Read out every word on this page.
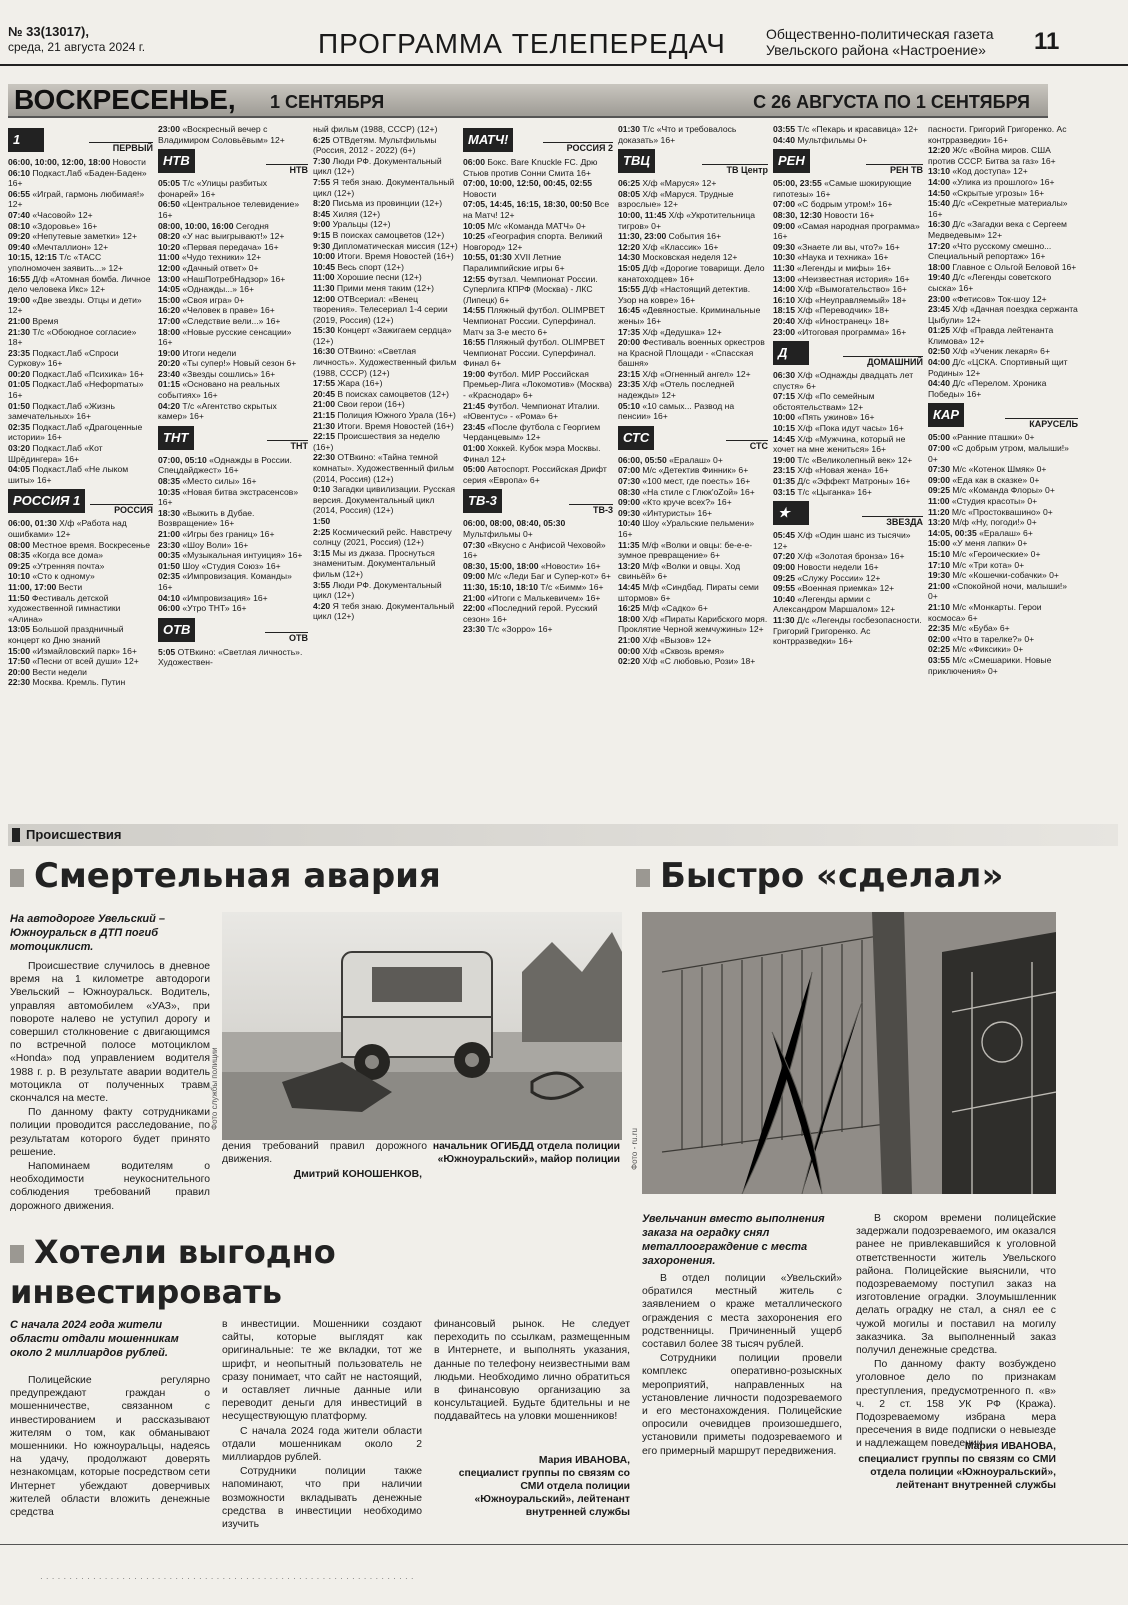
№ 33(13017),
среда, 21 августа 2024 г.	ПРОГРАММА ТЕЛЕПЕРЕДАЧ	Общественно-политическая газета
Увельского района «Настроение» 11
ВОСКРЕСЕНЬЕ, 1 СЕНТЯБРЯ	С 26 АВГУСТА ПО 1 СЕНТЯБРЯ
1
ПЕРВЫЙ
06:00, 10:00, 12:00, 18:00 Новости
06:10 Подкаст.Лаб «Баден-Баден» 16+
06:55 «Играй, гармонь любимая!» 12+
07:40 «Часовой» 12+
08:10 «Здоровье» 16+
09:20 «Непутевые заметки» 12+
09:40 «Мечталлион» 12+
10:15, 12:15 Т/с «ТАСС уполномочен заявить...» 12+
16:55 Д/ф «Атомная бомба. Личное дело человека Икс» 12+
19:00 «Две звезды. Отцы и дети» 12+
21:00 Время
21:30 Т/с «Обоюдное согласие» 18+
23:35 Подкаст.Лаб «Спроси Суркову» 16+
00:20 Подкаст.Лаб «Психика» 16+
01:05 Подкаст.Лаб «Нефорmaты» 16+
01:50 Подкаст.Лаб «Жизнь замечательных» 16+
02:35 Подкаст.Лаб «Драгоценные истории» 16+
03:20 Подкаст.Лаб «Кот Шрёдингера» 16+
04:05 Подкаст.Лаб «Не лыком шиты» 16+
РОССИЯ 1
РОССИЯ
06:00, 01:30 Х/ф «Работа над ошибками» 12+
08:00 Местное время. Воскресенье
08:35 «Когда все дома»
09:25 «Утренняя почта»
10:10 «Сто к одному»
11:00, 17:00 Вести
11:50 Фестиваль детской художественной гимнастики «Алина»
13:05 Большой праздничный концерт ко Дню знаний
15:00 «Измайловский парк» 16+
17:50 «Песни от всей души» 12+
20:00 Вести недели
22:30 Москва. Кремль. Путин
23:00 «Воскресный вечер с Владимиром Соловьёвым» 12+
НТВ
НТВ
05:05 Т/с «Улицы разбитых фонарей» 16+
06:50 «Центральное телевидение» 16+
08:00, 10:00, 16:00 Сегодня
08:20 «У нас выигрывают!» 12+
10:20 «Первая передача» 16+
11:00 «Чудо техники» 12+
12:00 «Дачный ответ» 0+
13:00 «НашПотребНадзор» 16+
14:05 «Однажды...» 16+
15:00 «Своя игра» 0+
16:20 «Человек в праве» 16+
17:00 «Следствие вели...» 16+
18:00 «Новые русские сенсации» 16+
19:00 Итоги недели
20:20 «Ты супер!» Новый сезон 6+
23:40 «Звезды сошлись» 16+
01:15 «Основано на реальных событиях» 16+
04:20 Т/с «Агентство скрытых камер» 16+
ТНТ
ТНТ
07:00, 05:10 «Однажды в России. Спецдайджест» 16+
08:35 «Место силы» 16+
10:35 «Новая битва экстрасенсов» 16+
18:30 «Выжить в Дубае. Возвращение» 16+
21:00 «Игры без границ» 16+
23:30 «Шоу Воли» 16+
00:35 «Музыкальная интуиция» 16+
01:50 Шоу «Студия Союз» 16+
02:35 «Импровизация. Команды» 16+
04:10 «Импровизация» 16+
06:00 «Утро ТНТ» 16+
ОТВ
ОТВ
5:05 ОТВкино: «Светлая личность». Художествен-
ный фильм (1988, СССР) (12+)
6:25 ОТВдетям. Мультфильмы (Россия, 2012 - 2022) (6+)
7:30 Люди РФ. Документальный цикл (12+)
7:55 Я тебя знаю. Документальный цикл (12+)
8:20 Письма из провинции (12+)
8:45 Хиляя (12+)
9:00 Уральцы (12+)
9:15 В поисках самоцветов (12+)
9:30 Дипломатическая миссия (12+)
10:00 Итоги. Время Новостей (16+)
10:45 Весь спорт (12+)
11:00 Хорошие песни (12+)
11:30 Прими меня таким (12+)
12:00 ОТВсериал: «Венец творения». Телесериал 1-4 серии (2019, Россия) (12+)
15:30 Концерт «Зажигаем сердца» (12+)
16:30 ОТВкино: «Светлая личность». Художественный фильм (1988, СССР) (12+)
17:55 Жара (16+)
20:45 В поисках самоцветов (12+)
21:00 Свои герои (16+)
21:15 Полиция Южного Урала (16+)
21:30 Итоги. Время Новостей (16+)
22:15 Происшествия за неделю (16+)
22:30 ОТВкино: «Тайна темной комнаты». Художественный фильм (2014, Россия) (12+)
0:10 Загадки цивилизации. Русская версия. Документальный цикл (2014, Россия) (12+)
1:50
2:25 Космический рейс. Навстречу солнцу (2021, Россия) (12+)
3:15 Мы из джаза. Проснуться знаменитым. Документальный фильм (12+)
3:55 Люди РФ. Документальный цикл (12+)
4:20 Я тебя знаю. Документальный цикл (12+)
МАТЧ!
РОССИЯ 2
06:00 Бокс. Bare Knuckle FC. Дрю Стьюв против Сонни Смита 16+
07:00, 10:00, 12:50, 00:45, 02:55 Новости
07:05, 14:45, 16:15, 18:30, 00:50 Все на Матч! 12+
10:05 М/с «Команда МАТЧ» 0+
10:25 «География спорта. Великий Новгород» 12+
10:55, 01:30 XVII Летние Паралимпийские игры 6+
12:55 Футзал. Чемпионат России. Суперлига КПРФ (Москва) - ЛКС (Липецк) 6+
14:55 Пляжный футбол. OLIMPBET Чемпионат России. Суперфинал. Матч за 3-е место 6+
16:55 Пляжный футбол. OLIMPBET Чемпионат России. Суперфинал. Финал 6+
19:00 Футбол. МИР Российская Премьер-Лига «Локомотив» (Москва) - «Краснодар» 6+
21:45 Футбол. Чемпионат Италии. «Ювентус» - «Рома» 6+
23:45 «После футбола с Георгием Черданцевым» 12+
01:00 Хоккей. Кубок мэра Москвы. Финал 12+
05:00 Автоспорт. Российская Дрифт серия «Европа» 6+
ТВ-3
ТВ-3
06:00, 08:00, 08:40, 05:30 Мультфильмы 0+
07:30 «Вкусно с Анфисой Чеховой» 16+
08:30, 15:00, 18:00 «Новости» 16+
09:00 М/с «Леди Баг и Супер-кот» 6+
11:30, 15:10, 18:10 Т/с «Бимм» 16+
21:00 «Итоги с Малькевичем» 16+
22:00 «Последний герой. Русский сезон» 16+
23:30 Т/с «Зорро» 16+
01:30 Т/с «Что и требовалось доказать» 16+
ТВЦ
ТВ Центр
06:25 Х/ф «Маруся» 12+
08:05 Х/ф «Маруся. Трудные взрослые» 12+
10:00, 11:45 Х/ф «Укротительница тигров» 0+
11:30, 23:00 События 16+
12:20 Х/ф «Классик» 16+
14:30 Московская неделя 12+
15:05 Д/ф «Дорогие товарищи. Дело канатоходцев» 16+
15:55 Д/ф «Настоящий детектив. Узор на ковре» 16+
16:45 «Девяностые. Криминальные жены» 16+
17:35 Х/ф «Дедушка» 12+
20:00 Фестиваль военных оркестров на Красной Площади - «Спасская башня»
23:15 Х/ф «Огненный ангел» 12+
23:35 Х/ф «Отель последней надежды» 12+
05:10 «10 самых... Развод на пенсии» 16+
СТС
СТС
06:00, 05:50 «Ералаш» 0+
07:00 М/с «Детектив Финник» 6+
07:30 «100 мест, где поесть» 16+
08:30 «На стиле с Глюк'oZой» 16+
09:00 «Кто круче всех?» 16+
09:30 «Интуристы» 16+
10:40 Шоу «Уральские пельмени» 16+
11:35 М/ф «Волки и овцы: бе-е-е-зумное превращение» 6+
13:20 М/ф «Волки и овцы. Ход свиньёй» 6+
14:45 М/ф «Синдбад. Пираты семи штормов» 6+
16:25 М/ф «Садко» 6+
18:00 Х/ф «Пираты Карибского моря. Проклятие Черной жемчужины» 12+
21:00 Х/ф «Вызов» 12+
00:00 Х/ф «Сквозь время»
02:20 Х/ф «С любовью, Рози» 18+
03:55 Т/с «Пекарь и красавица» 12+
04:40 Мультфильмы 0+
РЕН
РЕН ТВ
05:00, 23:55 «Самые шокирующие гипотезы» 16+
07:00 «С бодрым утром!» 16+
08:30, 12:30 Новости 16+
09:00 «Самая народная программа» 16+
09:30 «Знаете ли вы, что?» 16+
10:30 «Наука и техника» 16+
11:30 «Легенды и мифы» 16+
13:00 «Неизвестная история» 16+
14:00 Х/ф «Вымогательство» 16+
16:10 Х/ф «Неуправляемый» 18+
18:15 Х/ф «Переводчик» 18+
20:40 Х/ф «Иностранец» 18+
23:00 «Итоговая программа» 16+
Д
ДОМАШНИЙ
06:30 Х/ф «Однажды двадцать лет спустя» 6+
07:15 Х/ф «По семейным обстоятельствам» 12+
10:00 «Пять ужинов» 16+
10:15 Х/ф «Пока идут часы» 16+
14:45 Х/ф «Мужчина, который не хочет на мне жениться» 16+
19:00 Т/с «Великолепный век» 12+
23:15 Х/ф «Новая жена» 16+
01:35 Д/с «Эффект Матроны» 16+
03:15 Т/с «Цыганка» 16+
★
ЗВЕЗДА
05:45 Х/ф «Один шанс из тысячи» 12+
07:20 Х/ф «Золотая бронза» 16+
09:00 Новости недели 16+
09:25 «Служу России» 12+
09:55 «Военная приемка» 12+
10:40 «Легенды армии с Александром Маршалом» 12+
11:30 Д/с «Легенды госбезопасности. Григорий Григоренко. Ас контрразведки» 16+
пасности. Григорий Григоренко. Ас контрразведки» 16+
12:20 Ж/с «Война миров. США против СССР. Битва за газ» 16+
13:10 «Код доступа» 12+
14:00 «Улика из прошлого» 16+
14:50 «Скрытые угрозы» 16+
15:40 Д/с «Секретные материалы» 16+
16:30 Д/с «Загадки века с Сергеем Медведевым» 12+
17:20 «Что русскому смешно... Специальный репортаж» 16+
18:00 Главное с Ольгой Беловой 16+
19:40 Д/с «Легенды советского сыска» 16+
23:00 «Фетисов» Ток-шоу 12+
23:45 Х/ф «Дачная поездка сержанта Цыбули» 12+
01:25 Х/ф «Правда лейтенанта Климова» 12+
02:50 Х/ф «Ученик лекаря» 6+
04:00 Д/с «ЦСКА. Спортивный щит Родины» 12+
04:40 Д/с «Перелом. Хроника Победы» 16+
КАР
КАРУСЕЛЬ
05:00 «Ранние пташки» 0+
07:00 «С добрым утром, малыши!» 0+
07:30 М/с «Котенок Шмяк» 0+
09:00 «Еда как в сказке» 0+
09:25 М/с «Команда Флоры» 0+
11:00 «Студия красоты» 0+
11:20 М/с «Простоквашино» 0+
13:20 М/ф «Ну, погоди!» 0+
14:05, 00:35 «Ералаш» 6+
15:00 «У меня лапки» 0+
15:10 М/с «Героические» 0+
17:10 М/с «Три кота» 0+
19:30 М/с «Кошечки-собачки» 0+
21:00 «Спокойной ночи, малыши!» 0+
21:10 М/с «Монкарты. Герои космоса» 6+
22:35 М/с «Буба» 6+
02:00 «Что в тарелке?» 0+
02:25 М/с «Фиксики» 0+
03:55 М/с «Смешарики. Новые приключения» 0+
Происшествия
Смертельная авария
На автодороге Увельский – Южноуральск в ДТП погиб мотоциклист.
Фото службы полиции

Происшествие случилось в дневное время на 1 километре автодороги Увельский – Южноуральск. Водитель, управляя автомобилем «УАЗ», при повороте налево не уступил дорогу и совершил столкновение с двигающимся по встречной полосе мотоциклом «Honda» под управлением водителя 1988 г. р. В результате аварии водитель мотоцикла от полученных травм скончался на месте.

По данному факту сотрудниками полиции проводится расследование, по результатам которого будет принято решение.

Напоминаем водителям о необходимости неукоснительного соблюдения требований правил дорожного движения.

дения требований правил дорожного движения.
Дмитрий КОНОШЕНКОВ,
начальник ОГИБДД отдела полиции «Южноуральский», майор полиции
Быстро «сделал»
Фото - ru.ru
Увельчанин вместо выполнения заказа на оградку снял металлоограждение с места захоронения.

В отдел полиции «Увельский» обратился местный житель с заявлением о краже металлического ограждения с места захоронения его родственницы. Причиненный ущерб составил более 38 тысяч рублей.

Сотрудники полиции провели комплекс оперативно-розыскных мероприятий, направленных на установление личности подозреваемого и его местонахождения. Полицейские опросили очевидцев произошедшего, установили приметы подозреваемого и его примерный маршрут передвижения.

В скором времени полицейские задержали подозреваемого, им оказался ранее не привлекавшийся к уголовной ответственности житель Увельского района. Полицейские выяснили, что подозреваемому поступил заказ на изготовление оградки. Злоумышленник делать оградку не стал, а снял ее с чужой могилы и поставил на могилу заказчика. За выполненный заказ получил денежные средства.

По данному факту возбуждено уголовное дело по признакам преступления, предусмотренного п. «в» ч. 2 ст. 158 УК РФ (Кража). Подозреваемому избрана мера пресечения в виде подписки о невыезде и надлежащем поведении.

Мария ИВАНОВА,
специалист группы по связям со СМИ отдела полиции «Южноуральский», лейтенант внутренней службы
Хотели выгодно
инвестировать
С начала 2024 года жители области отдали мошенникам около 2 миллиардов рублей.

Полицейские регулярно предупреждают граждан о мошенничестве, связанном с инвестированием и рассказывают жителям о том, как обманывают мошенники. Но южноуральцы, надеясь на удачу, продолжают доверять незнакомцам, которые посредством сети Интернет убеждают доверчивых жителей области вложить денежные средства

в инвестиции. Мошенники создают сайты, которые выглядят как оригинальные: те же вкладки, тот же шрифт, и неопытный пользователь не сразу понимает, что сайт не настоящий, и оставляет личные данные или переводит деньги для инвестиций в несуществующую платформу.

С начала 2024 года жители области отдали мошенникам около 2 миллиардов рублей.

Сотрудники полиции также напоминают, что при наличии возможности вкладывать денежные средства в инвестиции необходимо изучить

финансовый рынок. Не следует переходить по ссылкам, размещенным в Интернете, и выполнять указания, данные по телефону неизвестными вам людьми. Необходимо лично обратиться в финансовую организацию за консультацией. Будьте бдительны и не поддавайтесь на уловки мошенников!

Мария ИВАНОВА,
специалист группы по связям со СМИ отдела полиции «Южноуральский», лейтенант внутренней службы
· · · · · · · · · · · · · · · · · · · · · · · · · · · · · · · · · · · · · · · · · · · · · · · · · · · · · · · · · · · · · · · ·
